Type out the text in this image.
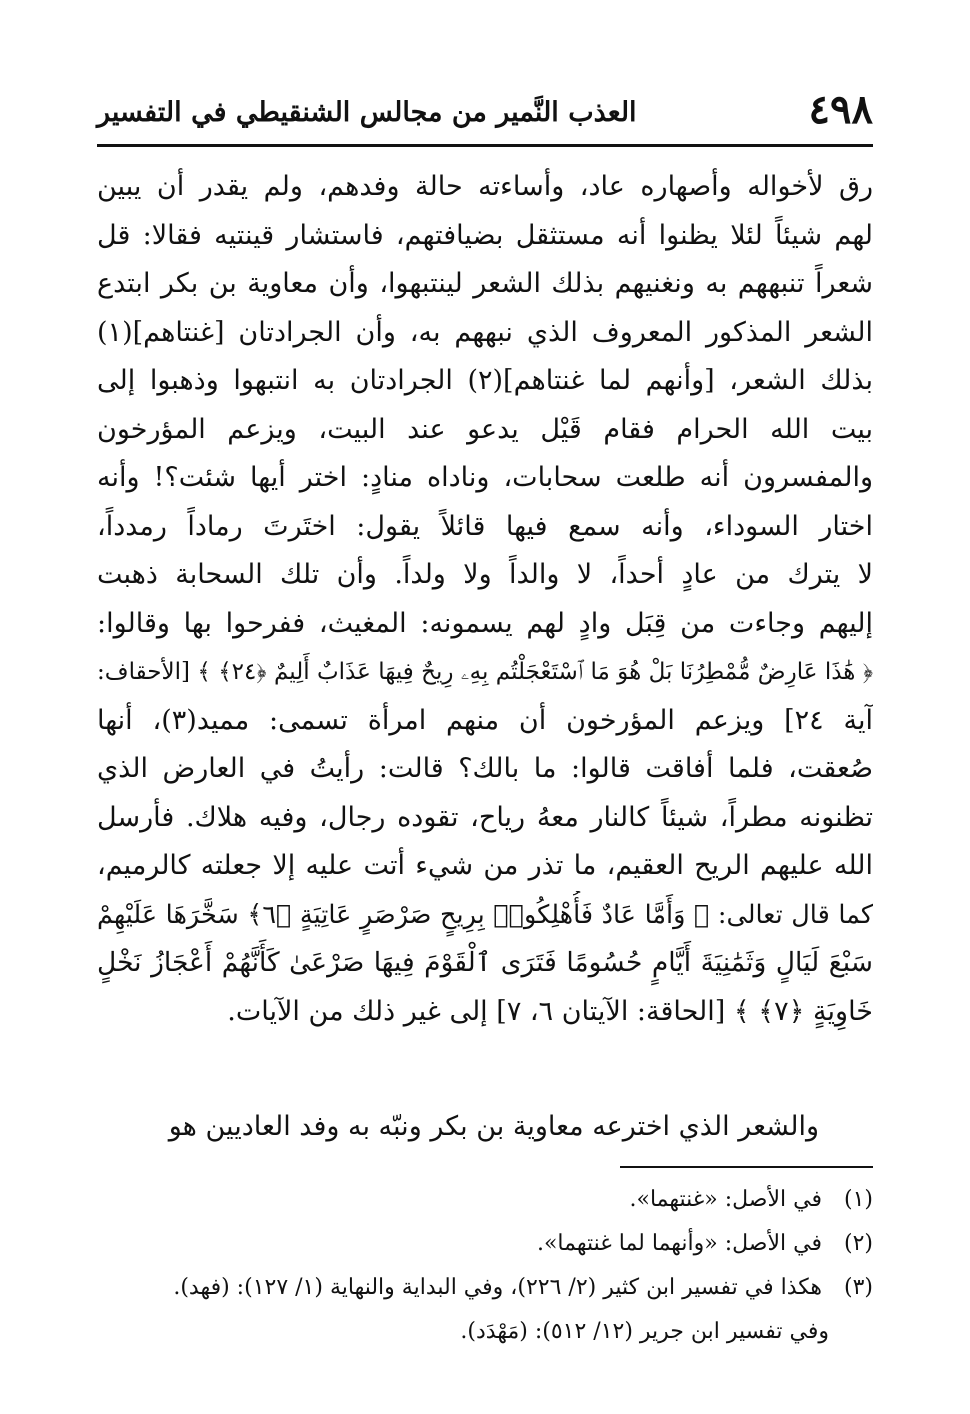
٤٩٨
العذب النَّمير من مجالس الشنقيطي في التفسير
رق لأخواله وأصهاره عاد، وأساءته حالة وفدهم، ولم يقدر أن يبين
لهم شيئاً لئلا يظنوا أنه مستثقل بضيافتهم، فاستشار قينتيه فقالا: قل
شعراً تنبههم به ونغنيهم بذلك الشعر لينتبهوا، وأن معاوية بن بكر ابتدع
الشعر المذكور المعروف الذي نبههم به، وأن الجرادتان [غنتاهم](١)
بذلك الشعر، [وأنهم لما غنتاهم](٢) الجرادتان به انتبهوا وذهبوا إلى
بيت الله الحرام فقام قَيْل يدعو عند البيت، ويزعم المؤرخون
والمفسرون أنه طلعت سحابات، وناداه منادٍ: اختر أيها شئت؟! وأنه
اختار السوداء، وأنه سمع فيها قائلاً يقول: اختَرتَ رماداً رمدداً،
لا يترك من عادٍ أحداً، لا والداً ولا ولداً. وأن تلك السحابة ذهبت
إليهم وجاءت من قِبَل وادٍ لهم يسمونه: المغيث، ففرحوا بها وقالوا:
﴿ هَٰذَا عَارِضٌ مُّمْطِرُنَا بَلْ هُوَ مَا ٱسْتَعْجَلْتُم بِهِۦ رِيحٌ فِيهَا عَذَابٌ أَلِيمٌ ﴿٢٤﴾ ﴾ [الأحقاف:
آية ٢٤] ويزعم المؤرخون أن منهم امرأة تسمى: مميد(٣)، أنها
صُعقت، فلما أفاقت قالوا: ما بالك؟ قالت: رأيتُ في العارض الذي
تظنونه مطراً، شيئاً كالنار معهُ رياح، تقوده رجال، وفيه هلاك. فأرسل
الله عليهم الريح العقيم، ما تذر من شيء أتت عليه إلا جعلته كالرميم،
كما قال تعالى: ﴿ وَأَمَّا عَادٌ فَأُهْلِكُوا۟ بِرِيحٍ صَرْصَرٍ عَاتِيَةٍ ﴿٦﴾ سَخَّرَهَا عَلَيْهِمْ
سَبْعَ لَيَالٍ وَثَمَٰنِيَةَ أَيَّامٍ حُسُومًا فَتَرَى ٱلْقَوْمَ فِيهَا صَرْعَىٰ كَأَنَّهُمْ أَعْجَازُ نَخْلٍ
خَاوِيَةٍ ﴿٧﴾ ﴾ [الحاقة: الآيتان ٦، ٧] إلى غير ذلك من الآيات.
والشعر الذي اخترعه معاوية بن بكر ونبّه به وفد العاديين هو
(١) في الأصل: «غنتهما».
(٢) في الأصل: «وأنهما لما غنتهما».
(٣) هكذا في تفسير ابن كثير (٢/ ٢٢٦)، وفي البداية والنهاية (١/ ١٢٧): (فهد).
وفي تفسير ابن جرير (١٢/ ٥١٢): (مَهْدَد).
